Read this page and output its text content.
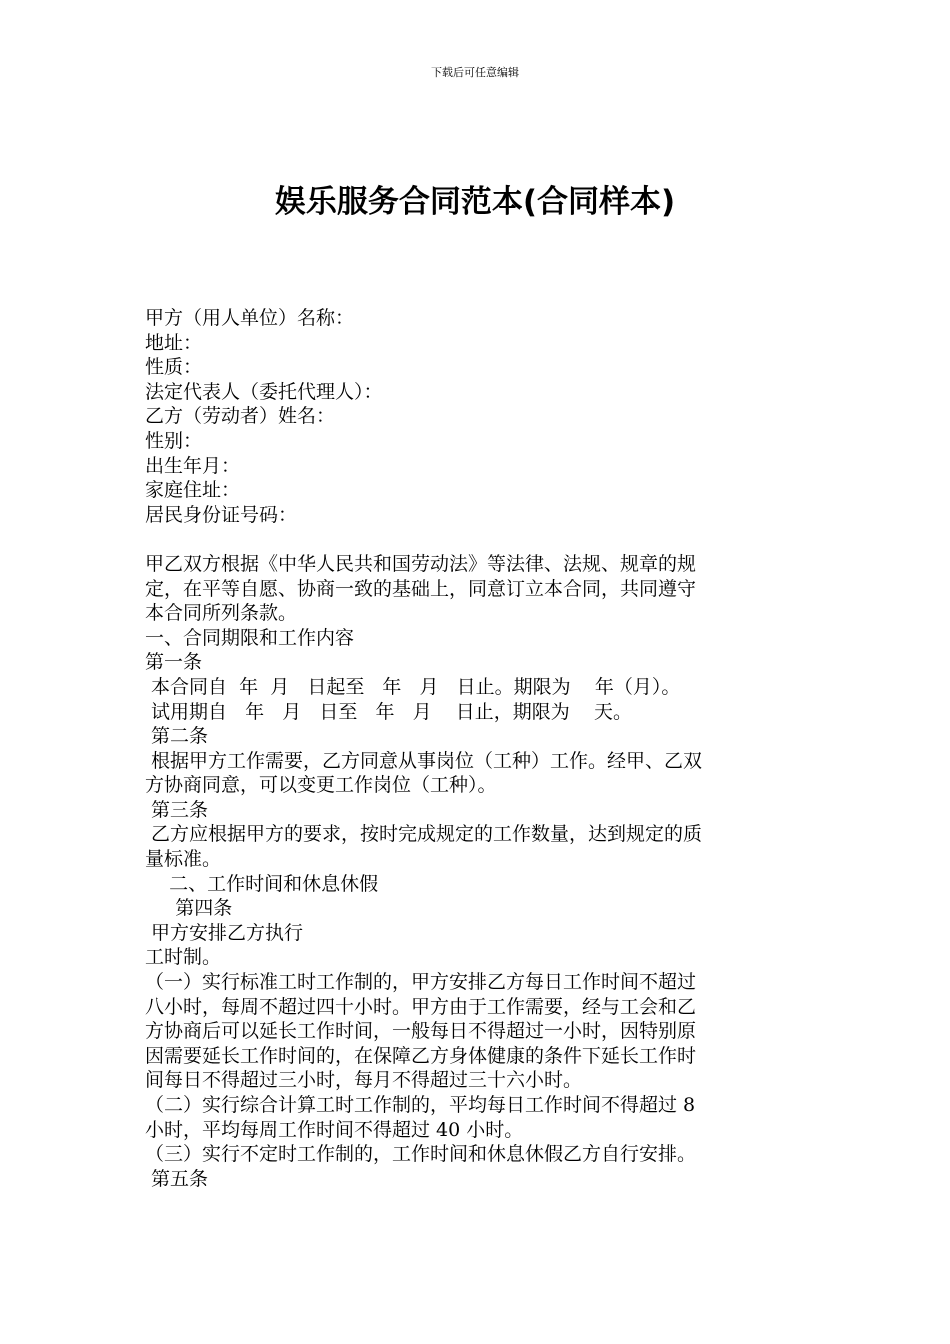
下载后可任意编辑
娱乐服务合同范本(合同样本)
甲方（用人单位）名称：
地址：
性质：
法定代表人（委托代理人）：
乙方（劳动者）姓名：
性别：
出生年月：
家庭住址：
居民身份证号码：
甲乙双方根据《中华人民共和国劳动法》等法律、法规、规章的规
定，在平等自愿、协商一致的基础上，同意订立本合同，共同遵守
本合同所列条款。
一、合同期限和工作内容
第一条
本合同自  年  月   日起至   年   月   日止。期限为    年（月）。
试用期自   年   月   日至   年   月    日止，期限为    天。
第二条
根据甲方工作需要，乙方同意从事岗位（工种）工作。经甲、乙双
方协商同意，可以变更工作岗位（工种）。
第三条
乙方应根据甲方的要求，按时完成规定的工作数量，达到规定的质
量标准。
二、工作时间和休息休假
第四条
甲方安排乙方执行
工时制。
（一）实行标准工时工作制的，甲方安排乙方每日工作时间不超过
八小时，每周不超过四十小时。甲方由于工作需要，经与工会和乙
方协商后可以延长工作时间，一般每日不得超过一小时，因特别原
因需要延长工作时间的，在保障乙方身体健康的条件下延长工作时
间每日不得超过三小时，每月不得超过三十六小时。
（二）实行综合计算工时工作制的，平均每日工作时间不得超过 8
小时，平均每周工作时间不得超过 40 小时。
（三）实行不定时工作制的，工作时间和休息休假乙方自行安排。
第五条
